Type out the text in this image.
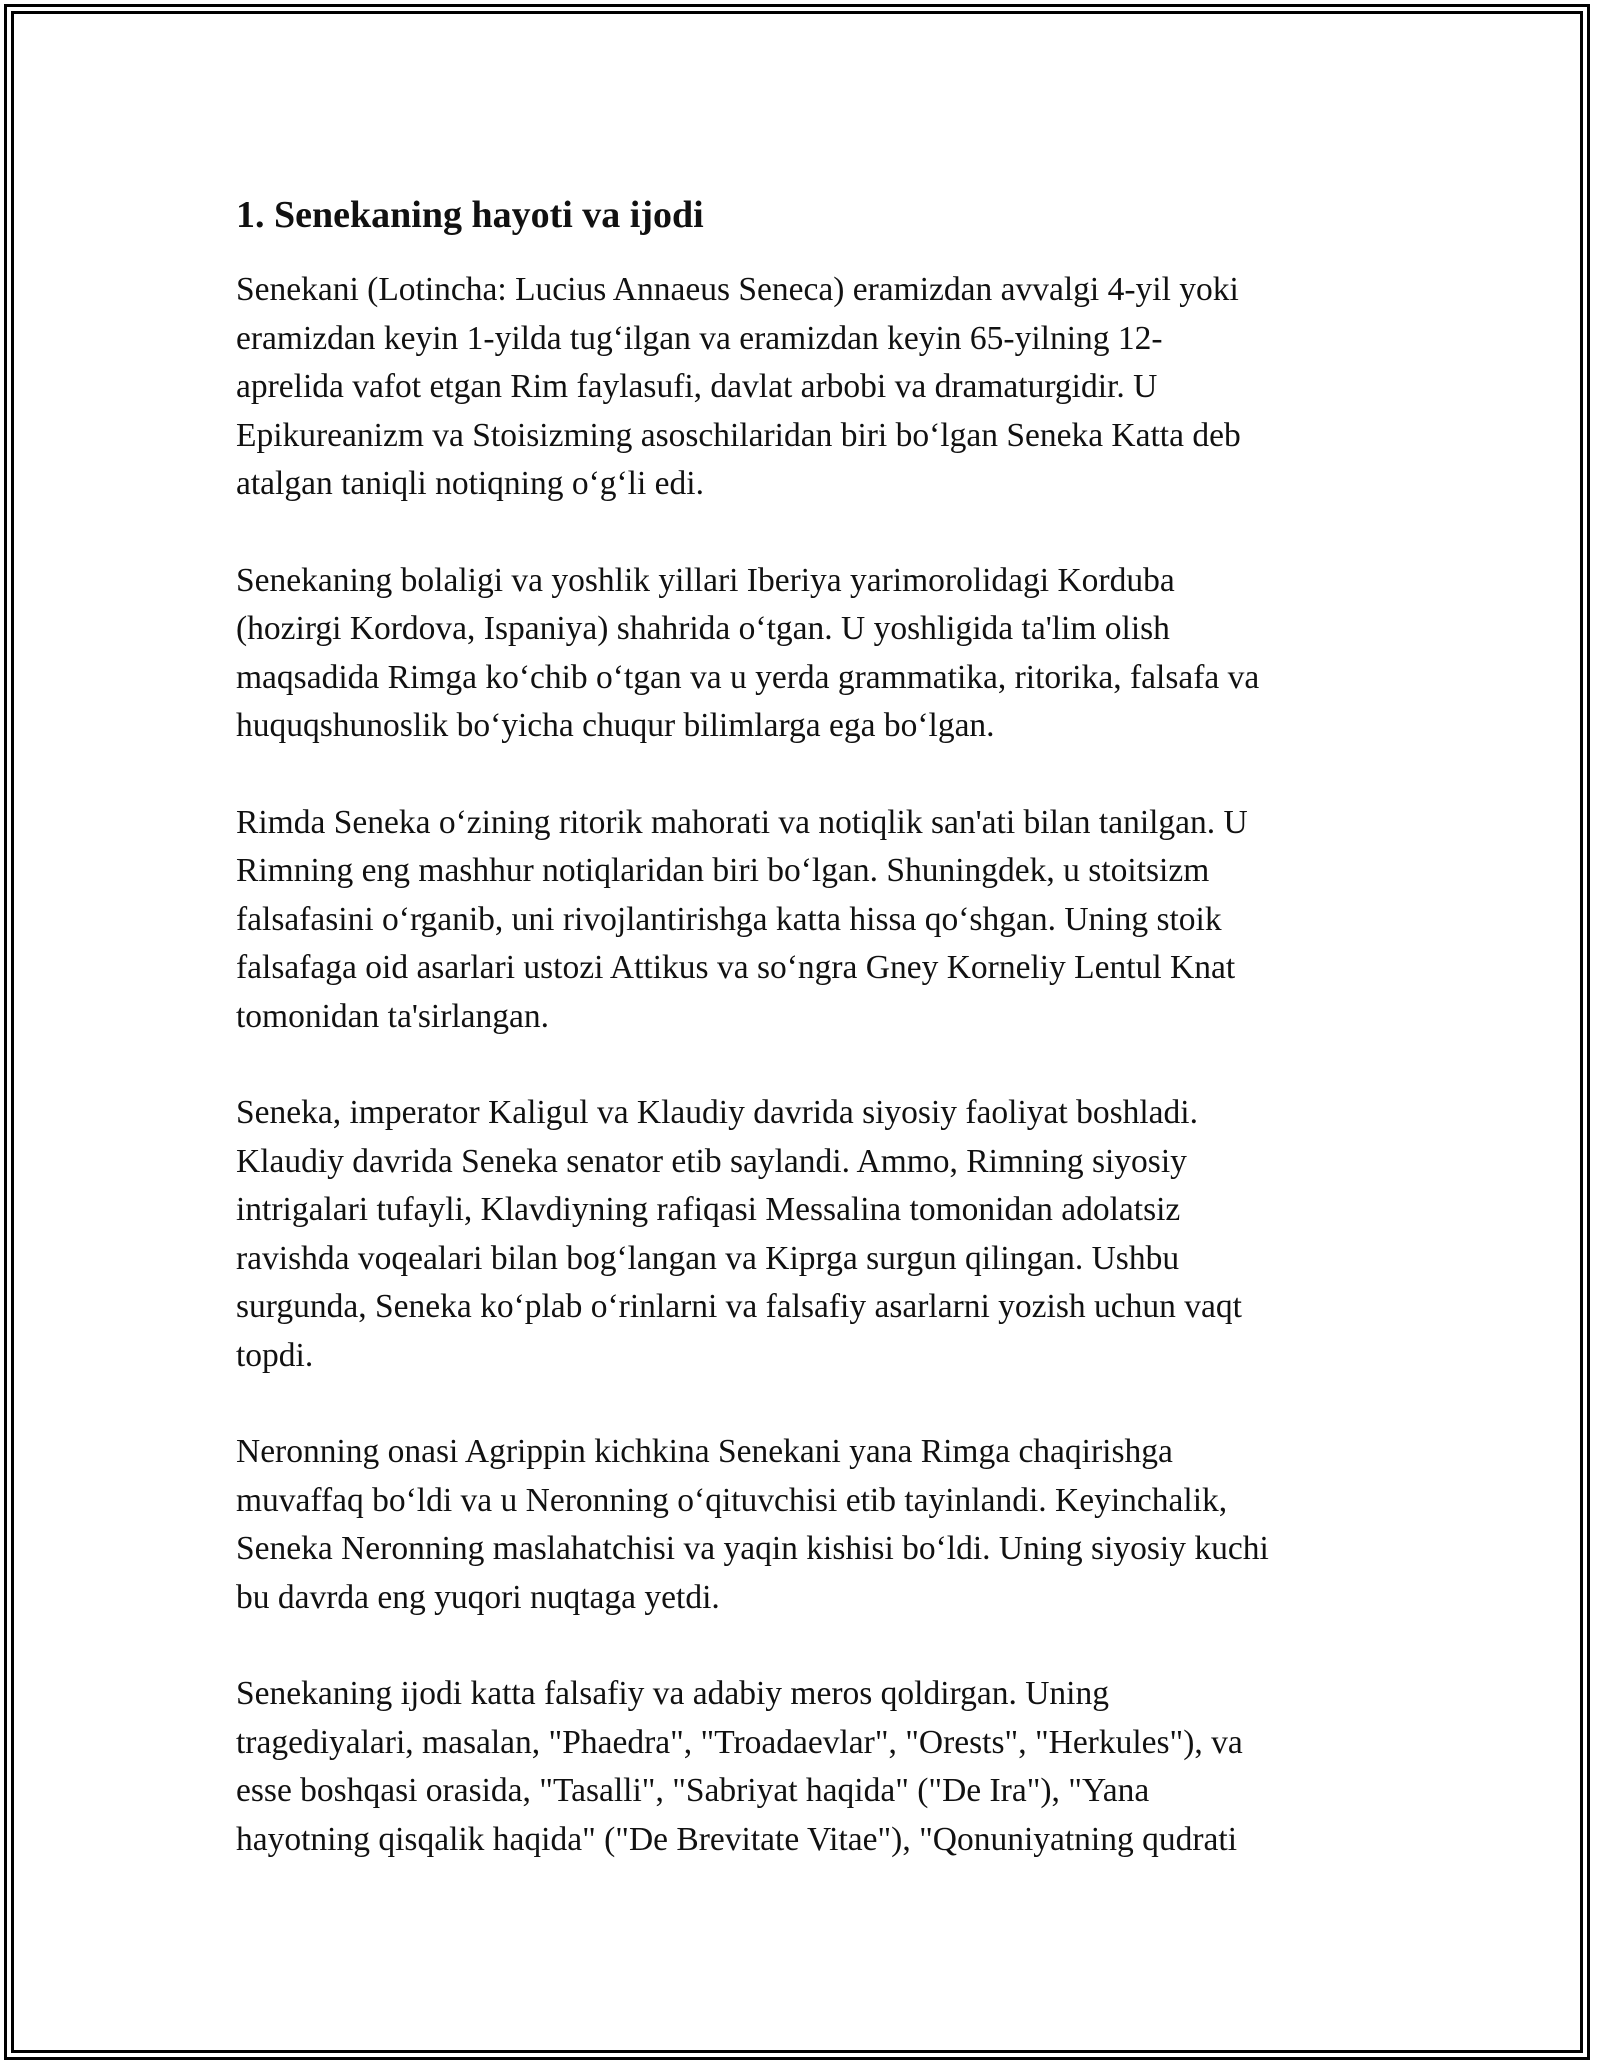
1. Senekaning hayoti va ijodi

Senekani (Lotincha: Lucius Annaeus Seneca) eramizdan avvalgi 4-yil yoki
eramizdan keyin 1-yilda tug‘ilgan va eramizdan keyin 65-yilning 12-
aprelida vafot etgan Rim faylasufi, davlat arbobi va dramaturgidir. U
Epikureanizm va Stoisizming asoschilaridan biri bo‘lgan Seneka Katta deb
atalgan taniqli notiqning o‘g‘li edi.

Senekaning bolaligi va yoshlik yillari Iberiya yarimorolidagi Korduba
(hozirgi Kordova, Ispaniya) shahrida o‘tgan. U yoshligida ta'lim olish
maqsadida Rimga ko‘chib o‘tgan va u yerda grammatika, ritorika, falsafa va
huquqshunoslik bo‘yicha chuqur bilimlarga ega bo‘lgan.

Rimda Seneka o‘zining ritorik mahorati va notiqlik san'ati bilan tanilgan. U
Rimning eng mashhur notiqlaridan biri bo‘lgan. Shuningdek, u stoitsizm
falsafasini o‘rganib, uni rivojlantirishga katta hissa qo‘shgan. Uning stoik
falsafaga oid asarlari ustozi Attikus va so‘ngra Gney Korneliy Lentul Knat
tomonidan ta'sirlangan.

Seneka, imperator Kaligul va Klaudiy davrida siyosiy faoliyat boshladi.
Klaudiy davrida Seneka senator etib saylandi. Ammo, Rimning siyosiy
intrigalari tufayli, Klavdiyning rafiqasi Messalina tomonidan adolatsiz
ravishda voqealari bilan bog‘langan va Kiprga surgun qilingan. Ushbu
surgunda, Seneka ko‘plab o‘rinlarni va falsafiy asarlarni yozish uchun vaqt
topdi.

Neronning onasi Agrippin kichkina Senekani yana Rimga chaqirishga
muvaffaq bo‘ldi va u Neronning o‘qituvchisi etib tayinlandi. Keyinchalik,
Seneka Neronning maslahatchisi va yaqin kishisi bo‘ldi. Uning siyosiy kuchi
bu davrda eng yuqori nuqtaga yetdi.

Senekaning ijodi katta falsafiy va adabiy meros qoldirgan. Uning
tragediyalari, masalan, "Phaedra", "Troadaevlar", "Orests", "Herkules"), va
esse boshqasi orasida, "Tasalli", "Sabriyat haqida" ("De Ira"), "Yana
hayotning qisqalik haqida" ("De Brevitate Vitae"), "Qonuniyatning qudrati
